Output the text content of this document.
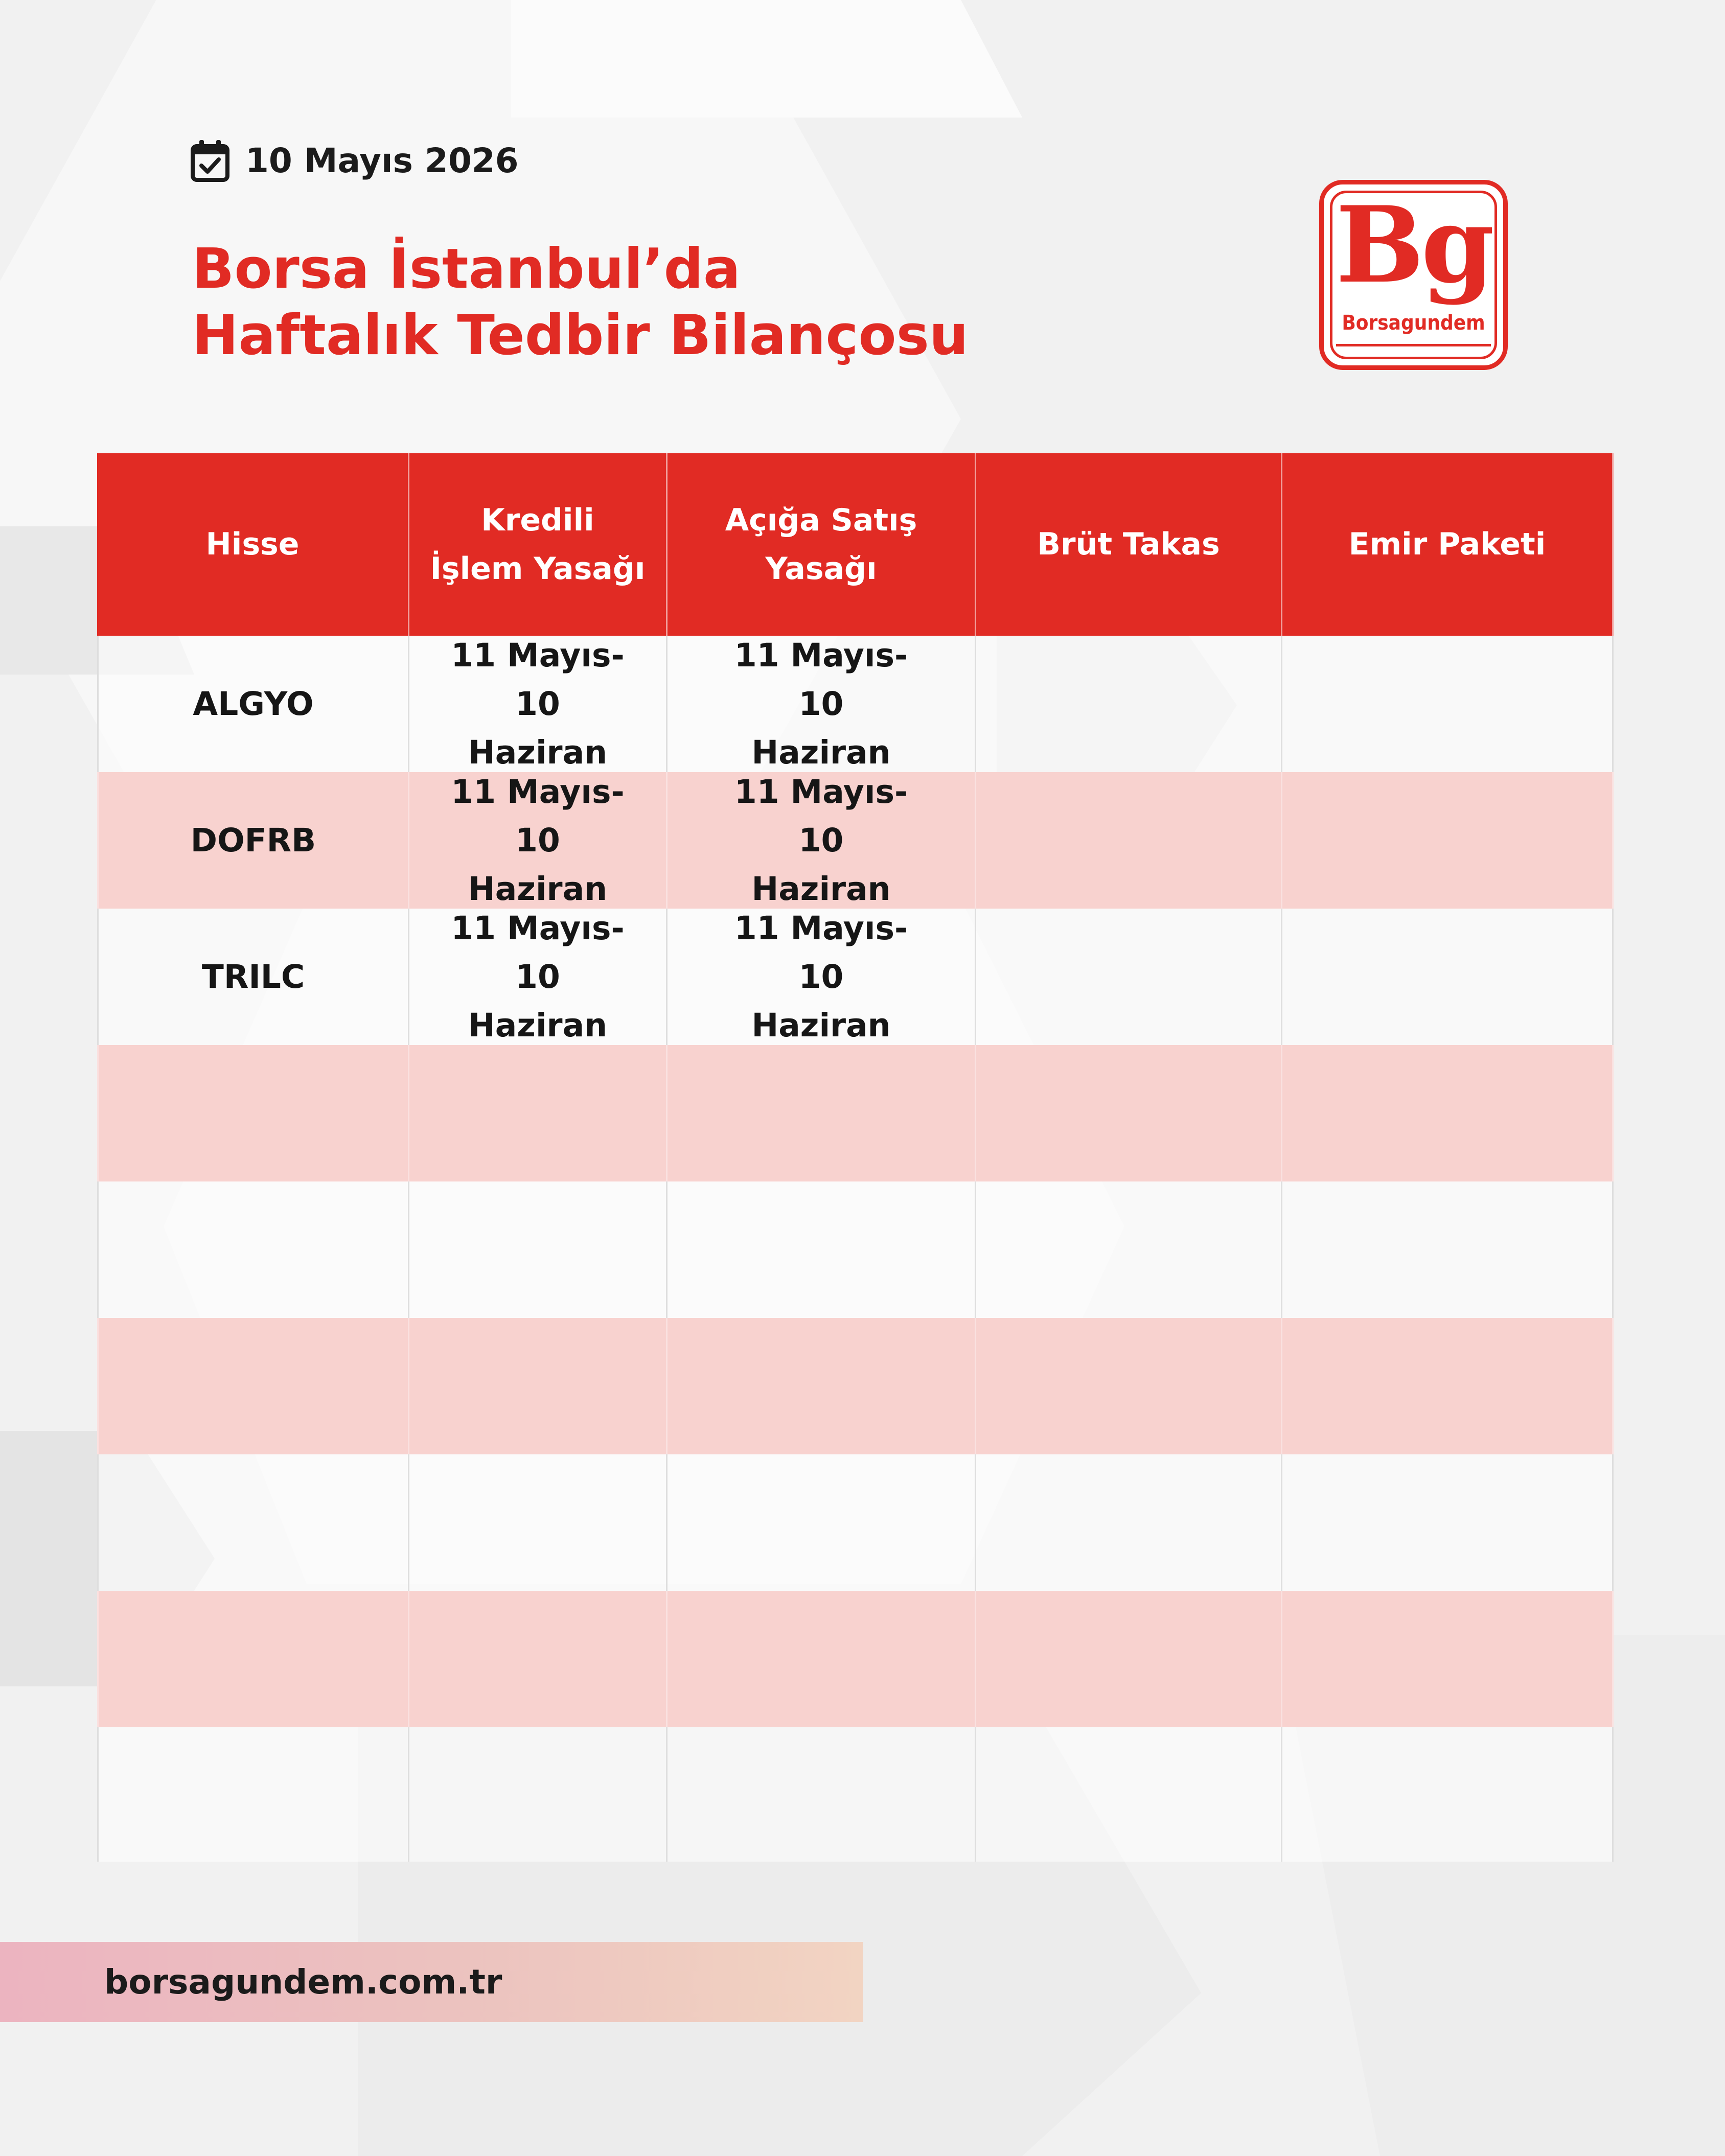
10 Mayıs 2026
Borsa İstanbul’da
Haftalık Tedbir Bilançosu
Bg
Borsagundem
Hisse
Kredili İşlem Yasağı
Açığa Satış Yasağı
Brüt Takas	Emir Paketi
ALGYO
11 Mayıs-10 Haziran
11 Mayıs-10 Haziran
DOFRB
11 Mayıs-10 Haziran
11 Mayıs-10 Haziran
TRILC
11 Mayıs-10 Haziran
11 Mayıs-10 Haziran
borsagundem.com.tr
